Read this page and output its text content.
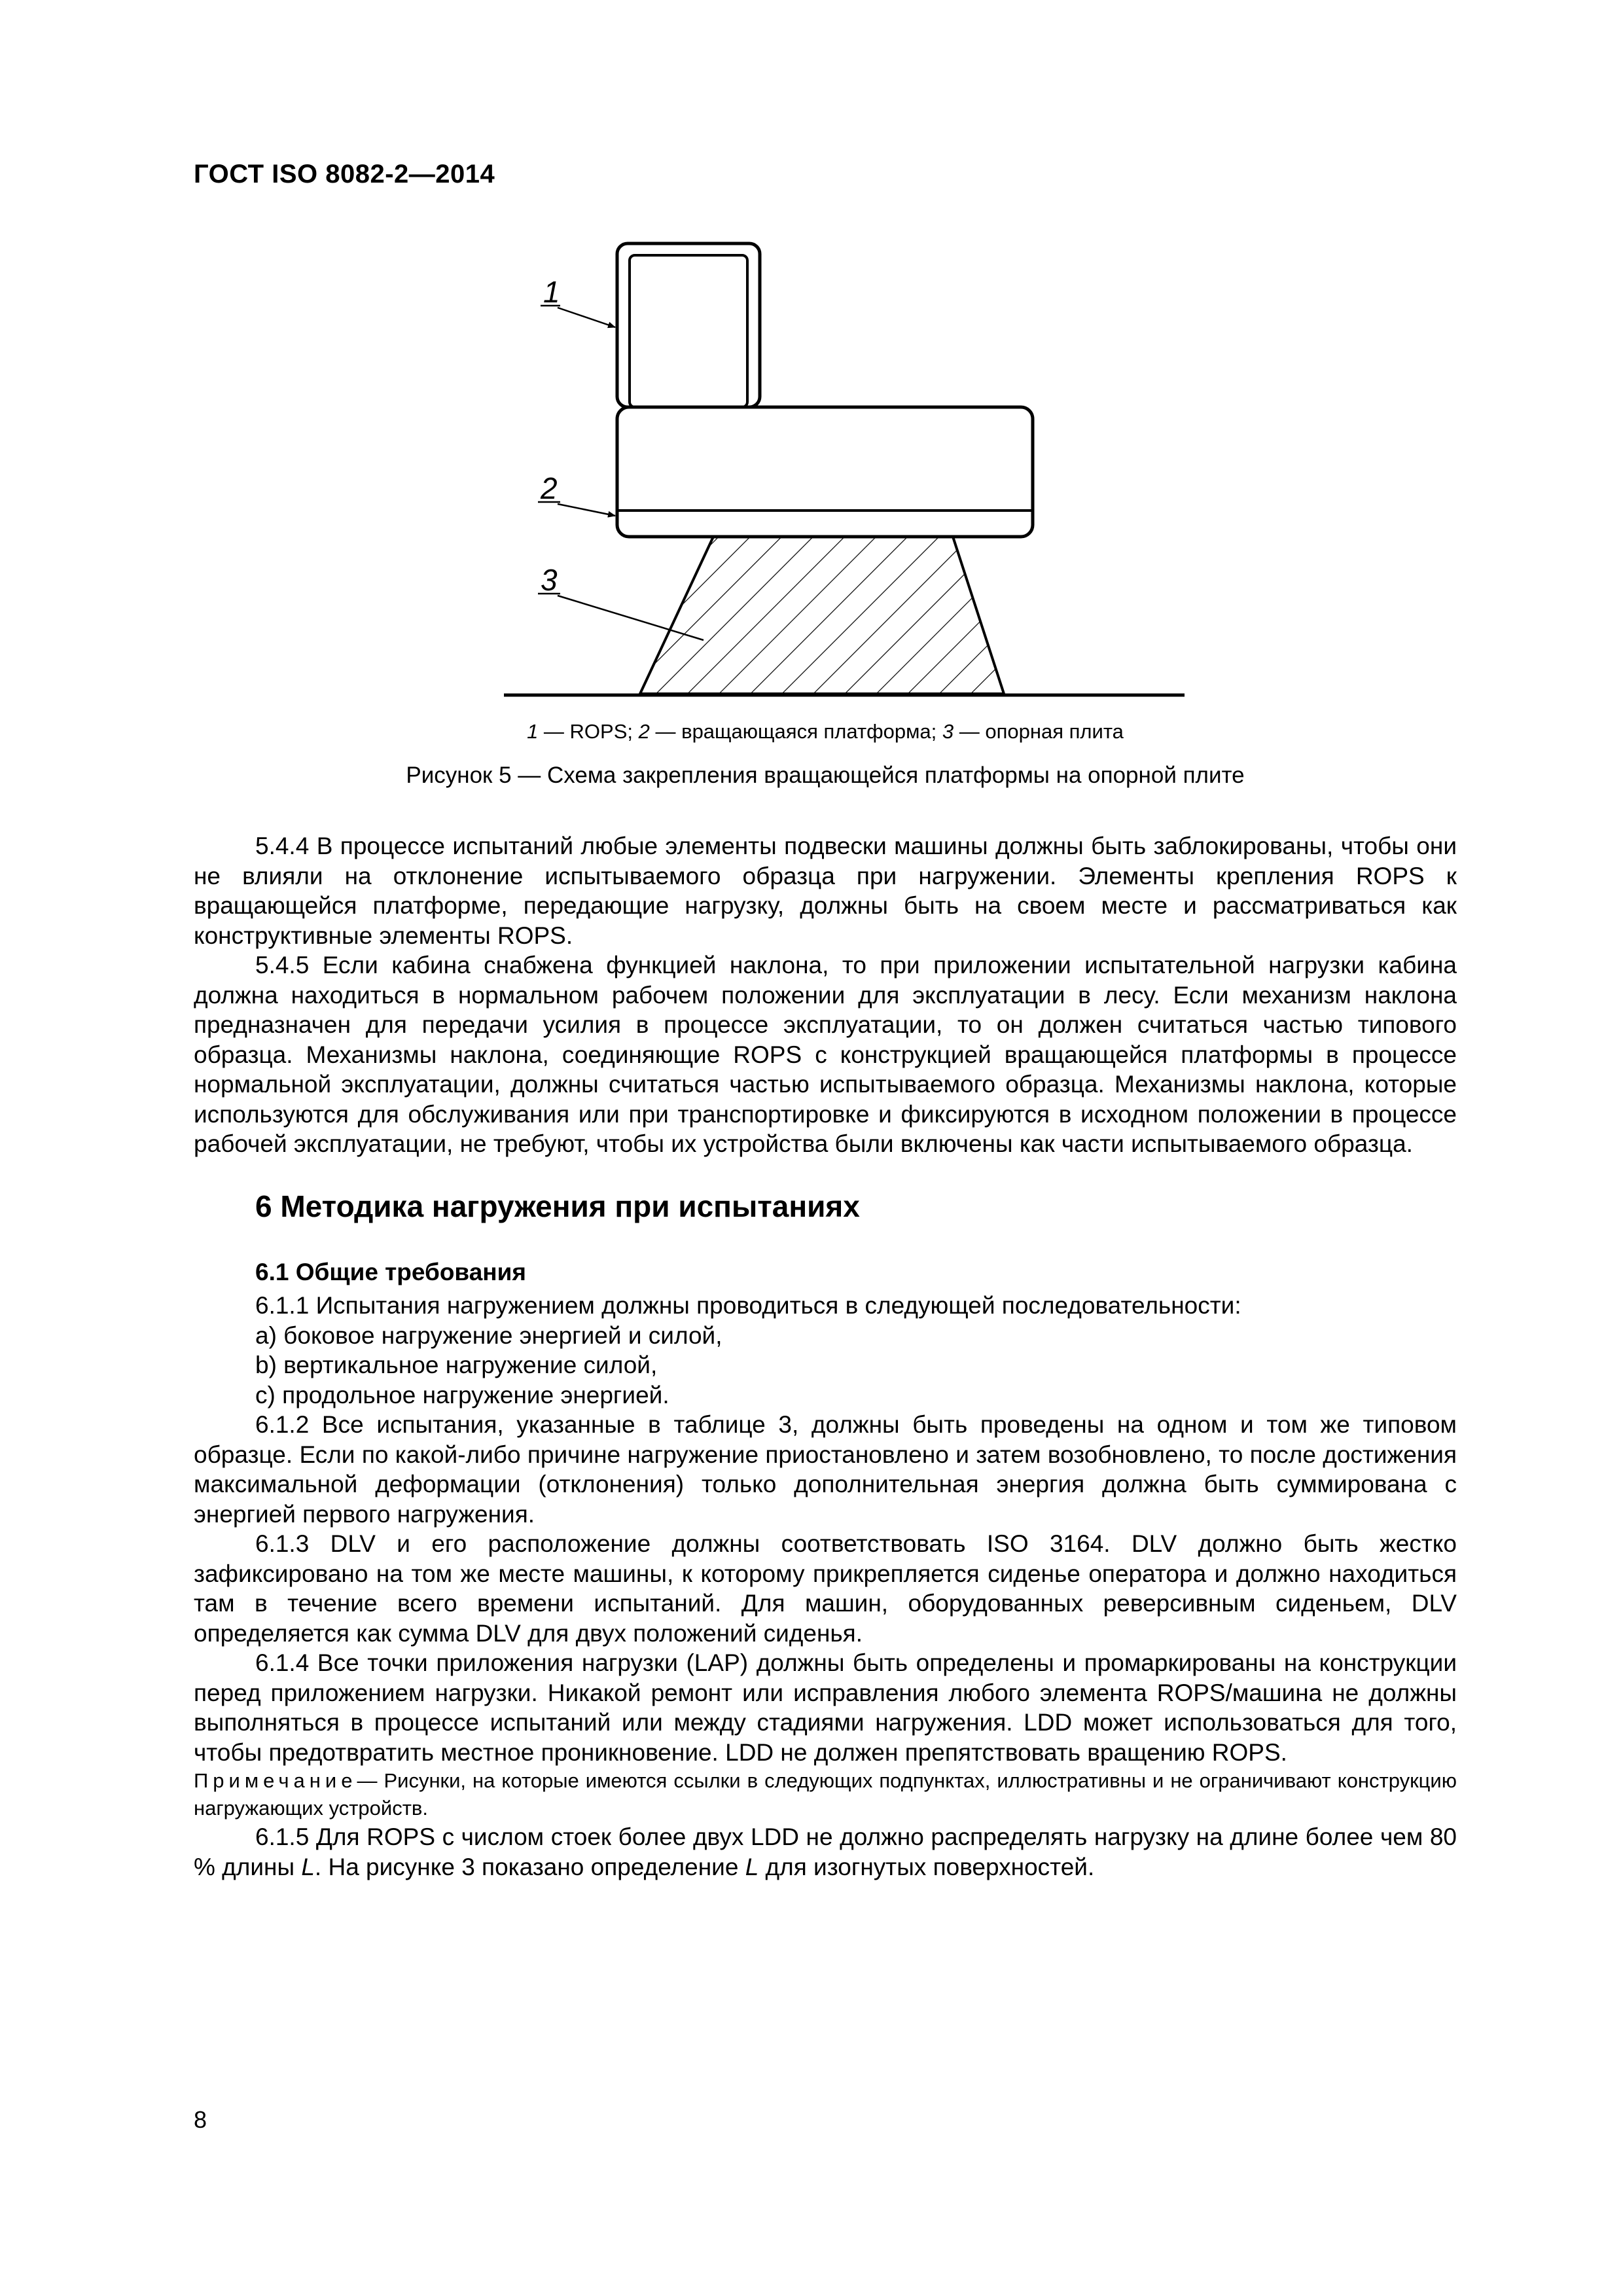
ГОСТ ISO 8082-2—2014
1
2
3
1 — ROPS; 2 — вращающаяся платформа; 3 — опорная плита
Рисунок 5 — Схема закрепления вращающейся платформы на опорной плите

5.4.4 В процессе испытаний любые элементы подвески машины должны быть заблокированы, чтобы они не влияли на отклонение испытываемого образца при нагружении. Элементы крепления ROPS к вращающейся платформе, передающие нагрузку, должны быть на своем месте и рассматриваться как конструктивные элементы ROPS.

5.4.5 Если кабина снабжена функцией наклона, то при приложении испытательной нагрузки кабина должна находиться в нормальном рабочем положении для эксплуатации в лесу. Если механизм наклона предназначен для передачи усилия в процессе эксплуатации, то он должен считаться частью типового образца. Механизмы наклона, соединяющие ROPS с конструкцией вращающейся платформы в процессе нормальной эксплуатации, должны считаться частью испытываемого образца. Механизмы наклона, которые используются для обслуживания или при транспортировке и фиксируются в исходном положении в процессе рабочей эксплуатации, не требуют, чтобы их устройства были включены как части испытываемого образца.

6 Методика нагружения при испытаниях
6.1 Общие требования

6.1.1 Испытания нагружением должны проводиться в следующей последовательности:

a) боковое нагружение энергией и силой,

b) вертикальное нагружение силой,

c) продольное нагружение энергией.

6.1.2 Все испытания, указанные в таблице 3, должны быть проведены на одном и том же типовом образце. Если по какой-либо причине нагружение приостановлено и затем возобновлено, то после достижения максимальной деформации (отклонения) только дополнительная энергия должна быть суммирована с энергией первого нагружения.

6.1.3 DLV и его расположение должны соответствовать ISO 3164. DLV должно быть жестко зафиксировано на том же месте машины, к которому прикрепляется сиденье оператора и должно находиться там в течение всего времени испытаний. Для машин, оборудованных реверсивным сиденьем, DLV определяется как сумма DLV для двух положений сиденья.

6.1.4 Все точки приложения нагрузки (LAP) должны быть определены и промаркированы на конструкции перед приложением нагрузки. Никакой ремонт или исправления любого элемента ROPS/машина не должны выполняться в процессе испытаний или между стадиями нагружения. LDD может использоваться для того, чтобы предотвратить местное проникновение. LDD не должен препятствовать вращению ROPS.

Примечание— Рисунки, на которые имеются ссылки в следующих подпунктах, иллюстративны и не ограничивают конструкцию нагружающих устройств.

6.1.5 Для ROPS с числом стоек более двух LDD не должно распределять нагрузку на длине более чем 80 % длины L. На рисунке 3 показано определение L для изогнутых поверхностей.

8
